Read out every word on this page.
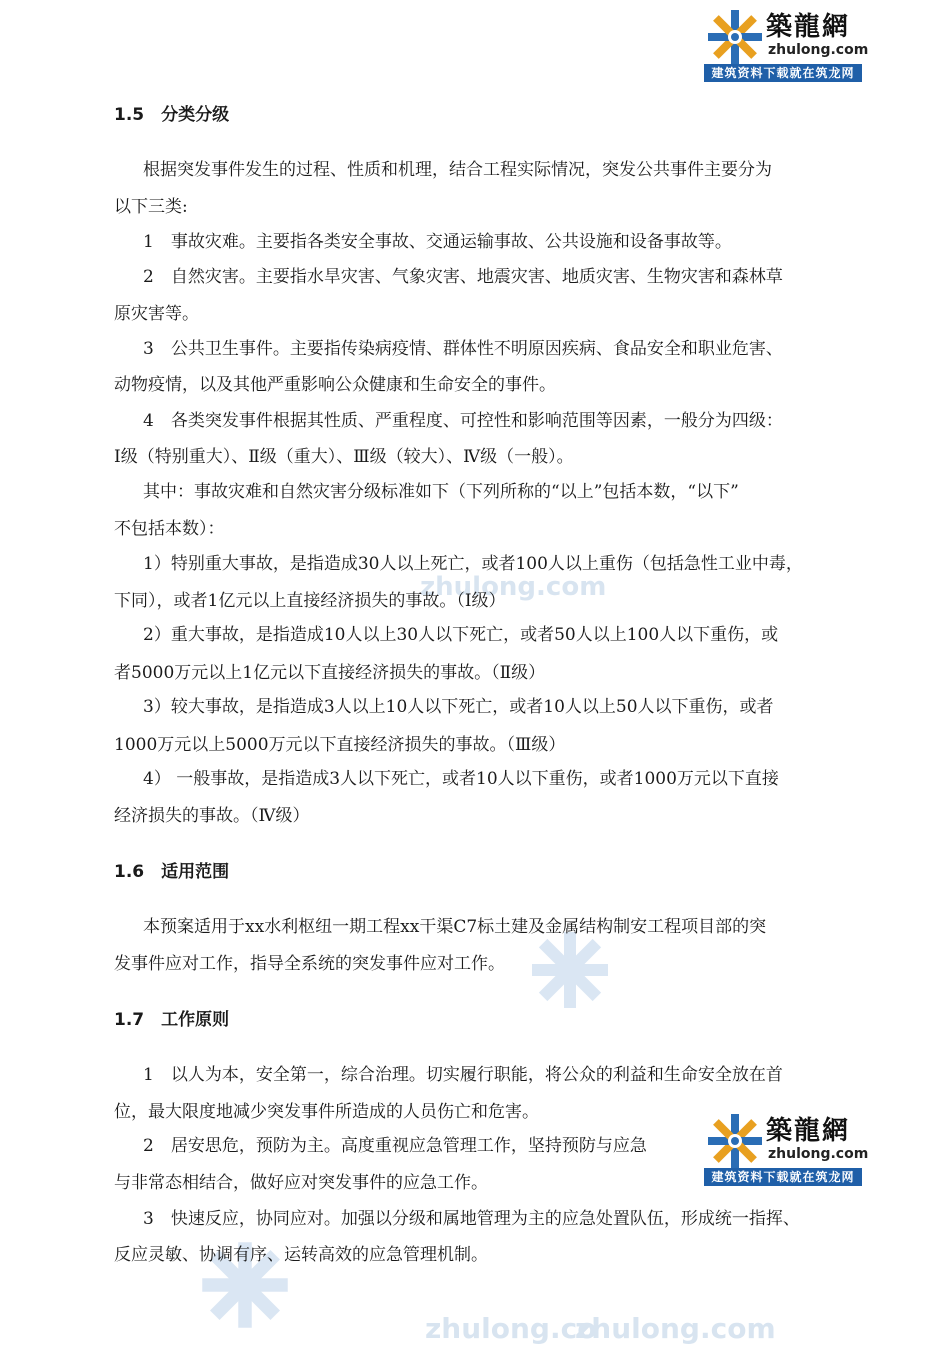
zhulong.com
zhulong.co
zhulong.com
築龍網
zhulong.com
建筑资料下载就在筑龙网
築龍網
zhulong.com
建筑资料下载就在筑龙网
1.5　分类分级
1.6　适用范围
1.7　工作原则
根据突发事件发生的过程、性质和机理，结合工程实际情况，突发公共事件主要分为
以下三类:
1　事故灾难。主要指各类安全事故、交通运输事故、公共设施和设备事故等。
2　自然灾害。主要指水旱灾害、气象灾害、地震灾害、地质灾害、生物灾害和森林草
原灾害等。
3　公共卫生事件。主要指传染病疫情、群体性不明原因疾病、食品安全和职业危害、
动物疫情，以及其他严重影响公众健康和生命安全的事件。
4　各类突发事件根据其性质、严重程度、可控性和影响范围等因素，一般分为四级：
Ⅰ级（特别重大）、Ⅱ级（重大）、Ⅲ级（较大）、Ⅳ级（一般）。
其中：事故灾难和自然灾害分级标准如下（下列所称的“以上”包括本数，“以下”
不包括本数）：
1）特别重大事故，是指造成30人以上死亡，或者100人以上重伤（包括急性工业中毒，
下同），或者1亿元以上直接经济损失的事故。（Ⅰ级）
2）重大事故，是指造成10人以上30人以下死亡，或者50人以上100人以下重伤，或
者5000万元以上1亿元以下直接经济损失的事故。（Ⅱ级）
3）较大事故，是指造成3人以上10人以下死亡，或者10人以上50人以下重伤，或者
1000万元以上5000万元以下直接经济损失的事故。（Ⅲ级）
4） 一般事故，是指造成3人以下死亡，或者10人以下重伤，或者1000万元以下直接
经济损失的事故。（Ⅳ级）
本预案适用于xx水利枢纽一期工程xx干渠C7标土建及金属结构制安工程项目部的突
发事件应对工作，指导全系统的突发事件应对工作。
1　以人为本，安全第一，综合治理。切实履行职能，将公众的利益和生命安全放在首
位，最大限度地减少突发事件所造成的人员伤亡和危害。
2　居安思危，预防为主。高度重视应急管理工作，坚持预防与应急
与非常态相结合，做好应对突发事件的应急工作。
3　快速反应，协同应对。加强以分级和属地管理为主的应急处置队伍，形成统一指挥、
反应灵敏、协调有序、运转高效的应急管理机制。
